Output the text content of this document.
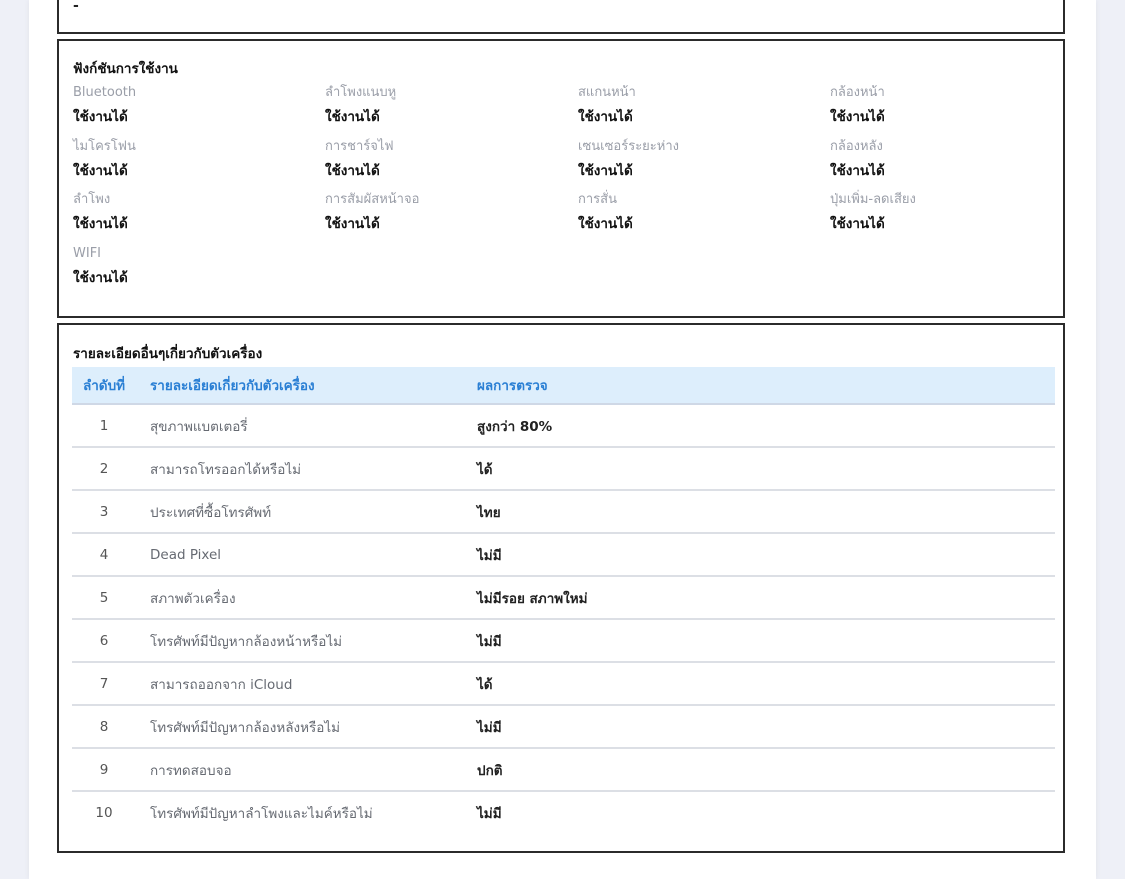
-
ฟังก์ชันการใช้งาน
Bluetooth
ใช้งานได้
ลำโพงแนบหู
ใช้งานได้
สแกนหน้า
ใช้งานได้
กล้องหน้า
ใช้งานได้
ไมโครโฟน
ใช้งานได้
การชาร์จไฟ
ใช้งานได้
เซนเซอร์ระยะห่าง
ใช้งานได้
กล้องหลัง
ใช้งานได้
ลำโพง
ใช้งานได้
การสัมผัสหน้าจอ
ใช้งานได้
การสั่น
ใช้งานได้
ปุ่มเพิ่ม-ลดเสียง
ใช้งานได้
WIFI
ใช้งานได้
รายละเอียดอื่นๆเกี่ยวกับตัวเครื่อง
ลำดับที่	รายละเอียดเกี่ยวกับตัวเครื่อง	ผลการตรวจ
1	สุขภาพแบตเตอรี่	สูงกว่า 80%
2	สามารถโทรออกได้หรือไม่	ได้
3	ประเทศที่ซื้อโทรศัพท์	ไทย
4	Dead Pixel	ไม่มี
5	สภาพตัวเครื่อง	ไม่มีรอย สภาพใหม่
6	โทรศัพท์มีปัญหากล้องหน้าหรือไม่	ไม่มี
7	สามารถออกจาก iCloud	ได้
8	โทรศัพท์มีปัญหากล้องหลังหรือไม่	ไม่มี
9	การทดสอบจอ	ปกติ
10	โทรศัพท์มีปัญหาลำโพงและไมค์หรือไม่	ไม่มี
